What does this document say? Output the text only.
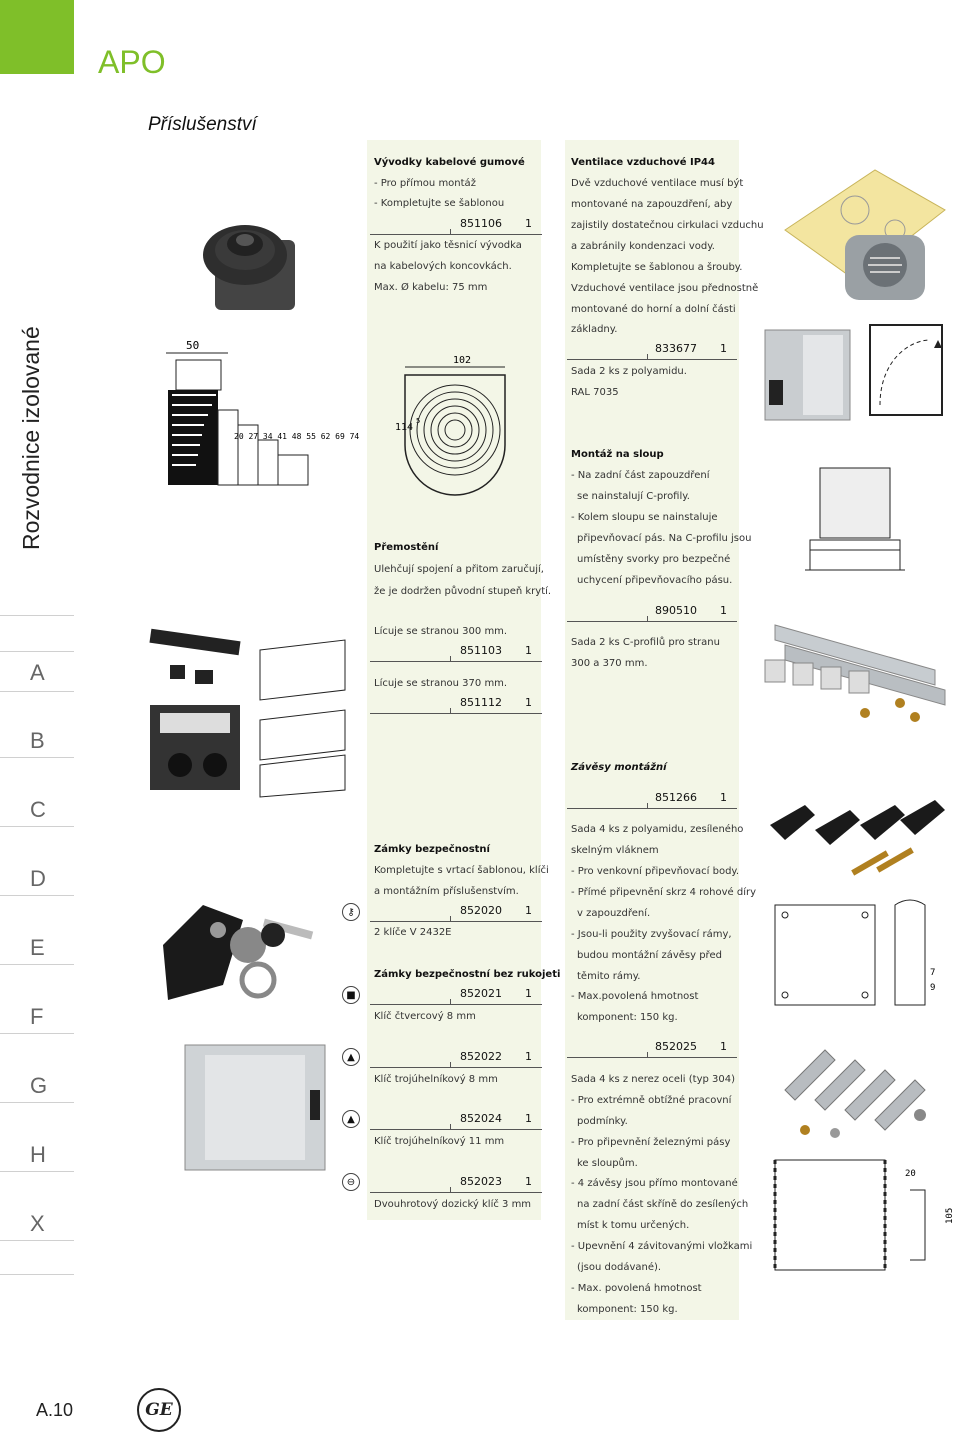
APO
Příslušenství
Rozvodnice izolované
A
B
C
D
E
F
G
H
X
Vývodky kabelové gumové
- Pro přímou montáž
- Kompletujte se šablonou
851106 1
K použití jako těsnicí vývodka
na kabelových koncovkách.
Max. Ø kabelu: 75 mm
Přemostění
Ulehčují spojení a přitom zaručují,
že je dodržen původní stupeň krytí.
Lícuje se stranou 300 mm.
851103 1
Lícuje se stranou 370 mm.
851112 1
Zámky bezpečnostní
Kompletujte s vrtací šablonou, klíči
a montážním příslušenstvím.
852020 1
2 klíče V 2432E
Zámky bezpečnostní bez rukojeti
852021 1
Klíč čtvercový 8 mm
852022 1
Klíč trojúhelníkový 8 mm
852024 1
Klíč trojúhelníkový 11 mm
852023 1
Dvouhrotový dozický klíč 3 mm
⚷
■
▲
▲
⊖
Ventilace vzduchové IP44
Dvě vzduchové ventilace musí být
montované na zapouzdření, aby
zajistily dostatečnou cirkulaci vzduchu
a zabránily kondenzaci vody.
Kompletujte se šablonou a šrouby.
Vzduchové ventilace jsou přednostně
montované do horní a dolní části
základny.
833677 1
Sada 2 ks z polyamidu.
RAL 7035
Montáž na sloup
- Na zadní část zapouzdření
se nainstalují C-profily.
- Kolem sloupu se nainstaluje
připevňovací pás. Na C-profilu jsou
umístěny svorky pro bezpečné
uchycení připevňovacího pásu.
890510 1
Sada 2 ks C-profilů pro stranu
300 a 370 mm.
Závěsy montážní
851266 1
Sada 4 ks z polyamidu, zesíleného
skelným vláknem
- Pro venkovní připevňovací body.
- Přímé připevnění skrz 4 rohové díry
v zapouzdření.
- Jsou-li použity zvyšovací rámy,
budou montážní závěsy před
těmito rámy.
- Max.povolená hmotnost
komponent: 150 kg.
852025 1
Sada 4 ks z nerez oceli (typ 304)
- Pro extrémně obtížné pracovní
podmínky.
- Pro připevnění železnými pásy
ke sloupům.
- 4 závěsy jsou přímo montované
na zadní část skříně do zesílených
míst k tomu určených.
- Upevnění 4 závitovanými vložkami
(jsou dodávané).
- Max. povolená hmotnost
komponent: 150 kg.
50
20 27 34 41 48 55 62 69 74
102
114
5
7
9
20
105
A.10	GE
